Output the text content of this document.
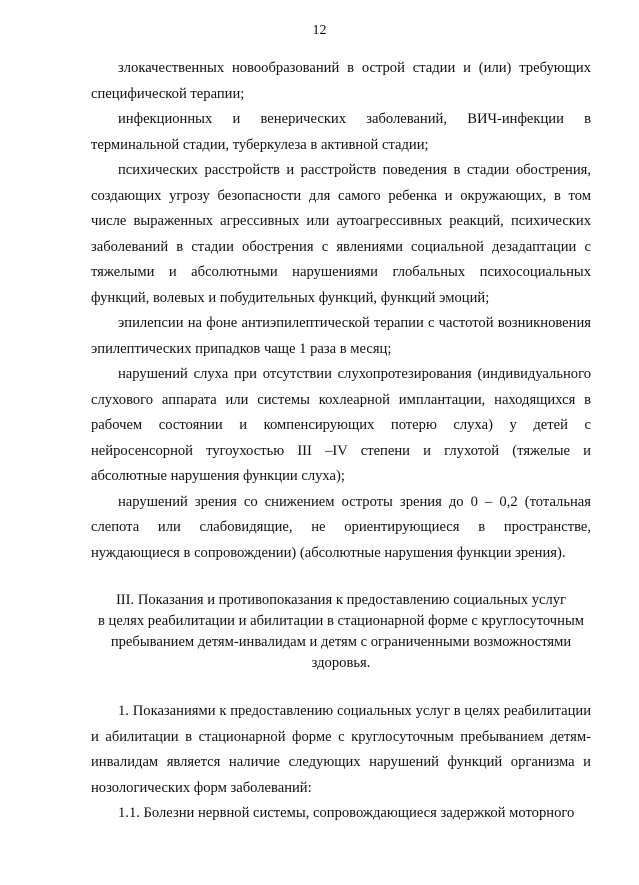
12

злокачественных новообразований в острой стадии и (или) требующих специфической терапии;

инфекционных и венерических заболеваний, ВИЧ-инфекции в терминальной стадии, туберкулеза в активной стадии;

психических расстройств и расстройств поведения в стадии обострения, создающих угрозу безопасности для самого ребенка и окружающих, в том числе выраженных агрессивных или аутоагрессивных реакций, психических заболеваний в стадии обострения с явлениями социальной дезадаптации с тяжелыми и абсолютными нарушениями глобальных психосоциальных функций, волевых и побудительных функций, функций эмоций;

эпилепсии на фоне антиэпилептической терапии с частотой возникновения эпилептических припадков чаще 1 раза в месяц;

нарушений слуха при отсутствии слухопротезирования (индивидуального слухового аппарата или системы кохлеарной имплантации, находящихся в рабочем состоянии и компенсирующих потерю слуха) у детей с нейросенсорной тугоухостью III –IV степени и глухотой (тяжелые и абсолютные нарушения функции слуха);

нарушений зрения со снижением остроты зрения до 0 – 0,2 (тотальная слепота или слабовидящие, не ориентирующиеся в пространстве, нуждающиеся в сопровождении) (абсолютные нарушения функции зрения).

III. Показания и противопоказания к предоставлению социальных услуг
в целях реабилитации и абилитации в стационарной форме с круглосуточным
пребыванием детям-инвалидам и детям с ограниченными возможностями
здоровья.

1. Показаниями к предоставлению социальных услуг в целях реабилитации и абилитации в стационарной форме с круглосуточным пребыванием детям-инвалидам является наличие следующих нарушений функций организма и нозологических форм заболеваний:

1.1. Болезни нервной системы, сопровождающиеся задержкой моторного
